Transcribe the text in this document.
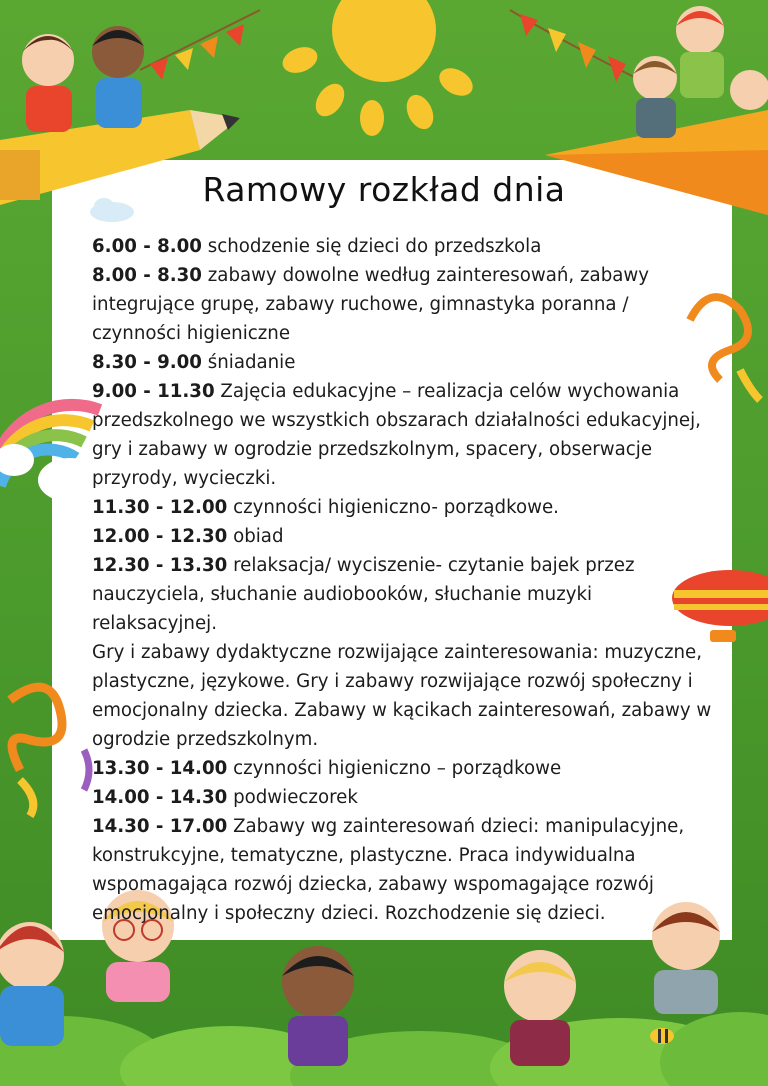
Ramowy rozkład dnia

6.00 - 8.00 schodzenie się dzieci do przedszkola

8.00 - 8.30 zabawy dowolne według zainteresowań, zabawy integrujące grupę, zabawy ruchowe, gimnastyka poranna / czynności higieniczne

8.30 - 9.00 śniadanie

9.00 - 11.30 Zajęcia edukacyjne – realizacja celów wychowania przedszkolnego we wszystkich obszarach działalności edukacyjnej, gry i zabawy w ogrodzie przedszkolnym, spacery, obserwacje przyrody, wycieczki.

11.30 - 12.00 czynności higieniczno- porządkowe.

12.00 - 12.30 obiad

12.30 - 13.30 relaksacja/ wyciszenie- czytanie bajek przez nauczyciela, słuchanie audiobooków, słuchanie muzyki relaksacyjnej.

Gry i zabawy dydaktyczne rozwijające zainteresowania: muzyczne, plastyczne, językowe. Gry i zabawy rozwijające rozwój społeczny i emocjonalny dziecka. Zabawy w kącikach zainteresowań, zabawy w ogrodzie przedszkolnym.

13.30 - 14.00 czynności higieniczno – porządkowe

14.00 - 14.30 podwieczorek

14.30 - 17.00 Zabawy wg zainteresowań dzieci: manipulacyjne, konstrukcyjne, tematyczne, plastyczne. Praca indywidualna wspomagająca rozwój dziecka, zabawy wspomagające rozwój emocjonalny i społeczny dzieci. Rozchodzenie się dzieci.
